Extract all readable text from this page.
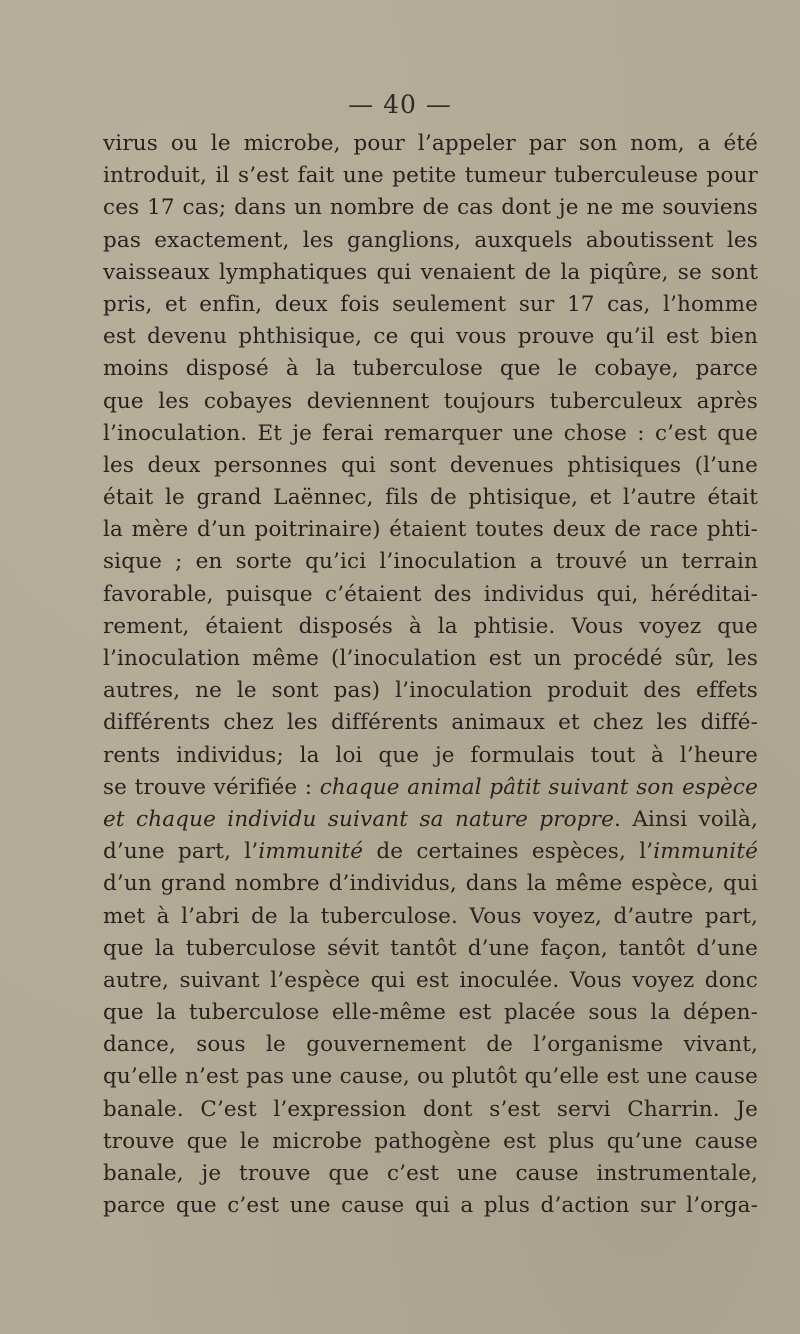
— 40 —
virus ou le microbe, pour l’appeler par son nom, a été
introduit, il s’est fait une petite tumeur tuberculeuse pour
ces 17 cas; dans un nombre de cas dont je ne me souviens
pas exactement, les ganglions, auxquels aboutissent les
vaisseaux lymphatiques qui venaient de la piqûre, se sont
pris, et enfin, deux fois seulement sur 17 cas, l’homme
est devenu phthisique, ce qui vous prouve qu’il est bien
moins disposé à la tuberculose que le cobaye, parce
que les cobayes deviennent toujours tuberculeux après
l’inoculation. Et je ferai remarquer une chose : c’est que
les deux personnes qui sont devenues phtisiques (l’une
était le grand Laënnec, fils de phtisique, et l’autre était
la mère d’un poitrinaire) étaient toutes deux de race phti-
sique ; en sorte qu’ici l’inoculation a trouvé un terrain
favorable, puisque c’étaient des individus qui, héréditai-
rement, étaient disposés à la phtisie. Vous voyez que
l’inoculation même (l’inoculation est un procédé sûr, les
autres, ne le sont pas) l’inoculation produit des effets
différents chez les différents animaux et chez les diffé-
rents individus; la loi que je formulais tout à l’heure
se trouve vérifiée : chaque animal pâtit suivant son espèce
et chaque individu suivant sa nature propre. Ainsi voilà,
d’une part, l’immunité de certaines espèces, l’immunité
d’un grand nombre d’individus, dans la même espèce, qui
met à l’abri de la tuberculose. Vous voyez, d’autre part,
que la tuberculose sévit tantôt d’une façon, tantôt d’une
autre, suivant l’espèce qui est inoculée. Vous voyez donc
que la tuberculose elle-même est placée sous la dépen-
dance, sous le gouvernement de l’organisme vivant,
qu’elle n’est pas une cause, ou plutôt qu’elle est une cause
banale. C’est l’expression dont s’est servi Charrin. Je
trouve que le microbe pathogène est plus qu’une cause
banale, je trouve que c’est une cause instrumentale,
parce que c’est une cause qui a plus d’action sur l’orga-
